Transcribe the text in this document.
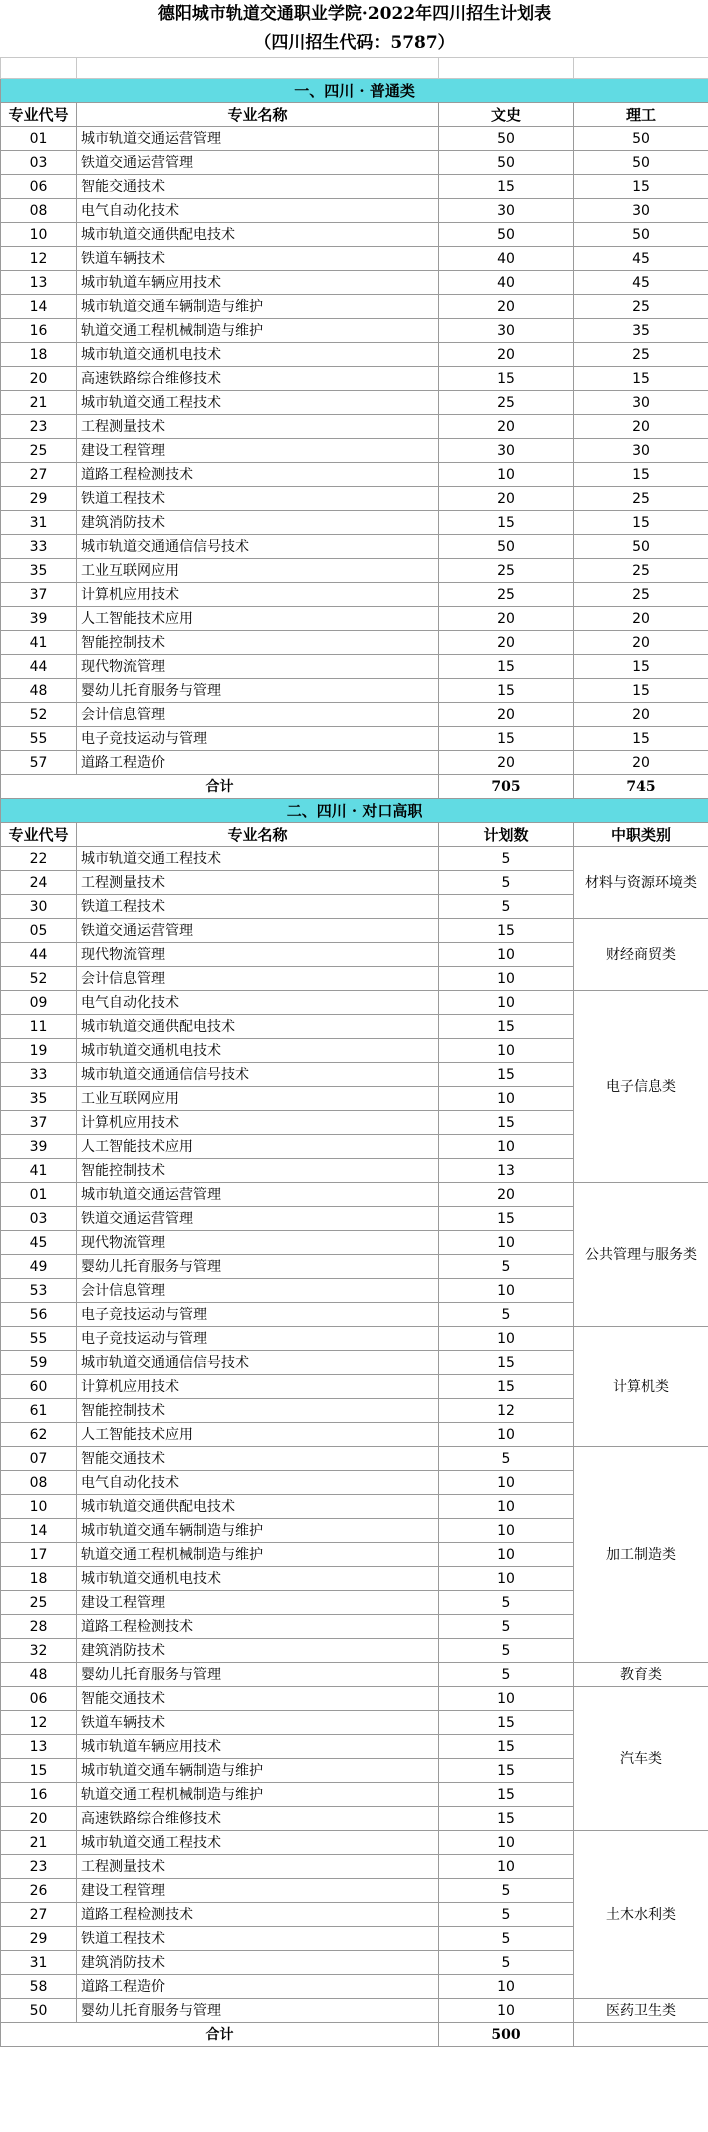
德阳城市轨道交通职业学院·2022年四川招生计划表			
（四川招生代码：5787）			

一、四川 · 普通类			
专业代号	专业名称	文史	理工
01	城市轨道交通运营管理	50	50
03	铁道交通运营管理	50	50
06	智能交通技术	15	15
08	电气自动化技术	30	30
10	城市轨道交通供配电技术	50	50
12	铁道车辆技术	40	45
13	城市轨道车辆应用技术	40	45
14	城市轨道交通车辆制造与维护	20	25
16	轨道交通工程机械制造与维护	30	35
18	城市轨道交通机电技术	20	25
20	高速铁路综合维修技术	15	15
21	城市轨道交通工程技术	25	30
23	工程测量技术	20	20
25	建设工程管理	30	30
27	道路工程检测技术	10	15
29	铁道工程技术	20	25
31	建筑消防技术	15	15
33	城市轨道交通通信信号技术	50	50
35	工业互联网应用	25	25
37	计算机应用技术	25	25
39	人工智能技术应用	20	20
41	智能控制技术	20	20
44	现代物流管理	15	15
48	婴幼儿托育服务与管理	15	15
52	会计信息管理	20	20
55	电子竞技运动与管理	15	15
57	道路工程造价	20	20
合计		705	745
二、四川 · 对口高职			
专业代号	专业名称	计划数	中职类别
22	城市轨道交通工程技术	5	材料与资源环境类
24	工程测量技术	5	
30	铁道工程技术	5	
05	铁道交通运营管理	15	财经商贸类
44	现代物流管理	10	
52	会计信息管理	10	
09	电气自动化技术	10	电子信息类
11	城市轨道交通供配电技术	15	
19	城市轨道交通机电技术	10	
33	城市轨道交通通信信号技术	15	
35	工业互联网应用	10	
37	计算机应用技术	15	
39	人工智能技术应用	10	
41	智能控制技术	13	
01	城市轨道交通运营管理	20	公共管理与服务类
03	铁道交通运营管理	15	
45	现代物流管理	10	
49	婴幼儿托育服务与管理	5	
53	会计信息管理	10	
56	电子竞技运动与管理	5	
55	电子竞技运动与管理	10	计算机类
59	城市轨道交通通信信号技术	15	
60	计算机应用技术	15	
61	智能控制技术	12	
62	人工智能技术应用	10	
07	智能交通技术	5	加工制造类
08	电气自动化技术	10	
10	城市轨道交通供配电技术	10	
14	城市轨道交通车辆制造与维护	10	
17	轨道交通工程机械制造与维护	10	
18	城市轨道交通机电技术	10	
25	建设工程管理	5	
28	道路工程检测技术	5	
32	建筑消防技术	5	
48	婴幼儿托育服务与管理	5	教育类
06	智能交通技术	10	汽车类
12	铁道车辆技术	15	
13	城市轨道车辆应用技术	15	
15	城市轨道交通车辆制造与维护	15	
16	轨道交通工程机械制造与维护	15	
20	高速铁路综合维修技术	15	
21	城市轨道交通工程技术	10	土木水利类
23	工程测量技术	10	
26	建设工程管理	5	
27	道路工程检测技术	5	
29	铁道工程技术	5	
31	建筑消防技术	5	
58	道路工程造价	10	
50	婴幼儿托育服务与管理	10	医药卫生类
合计		500	
